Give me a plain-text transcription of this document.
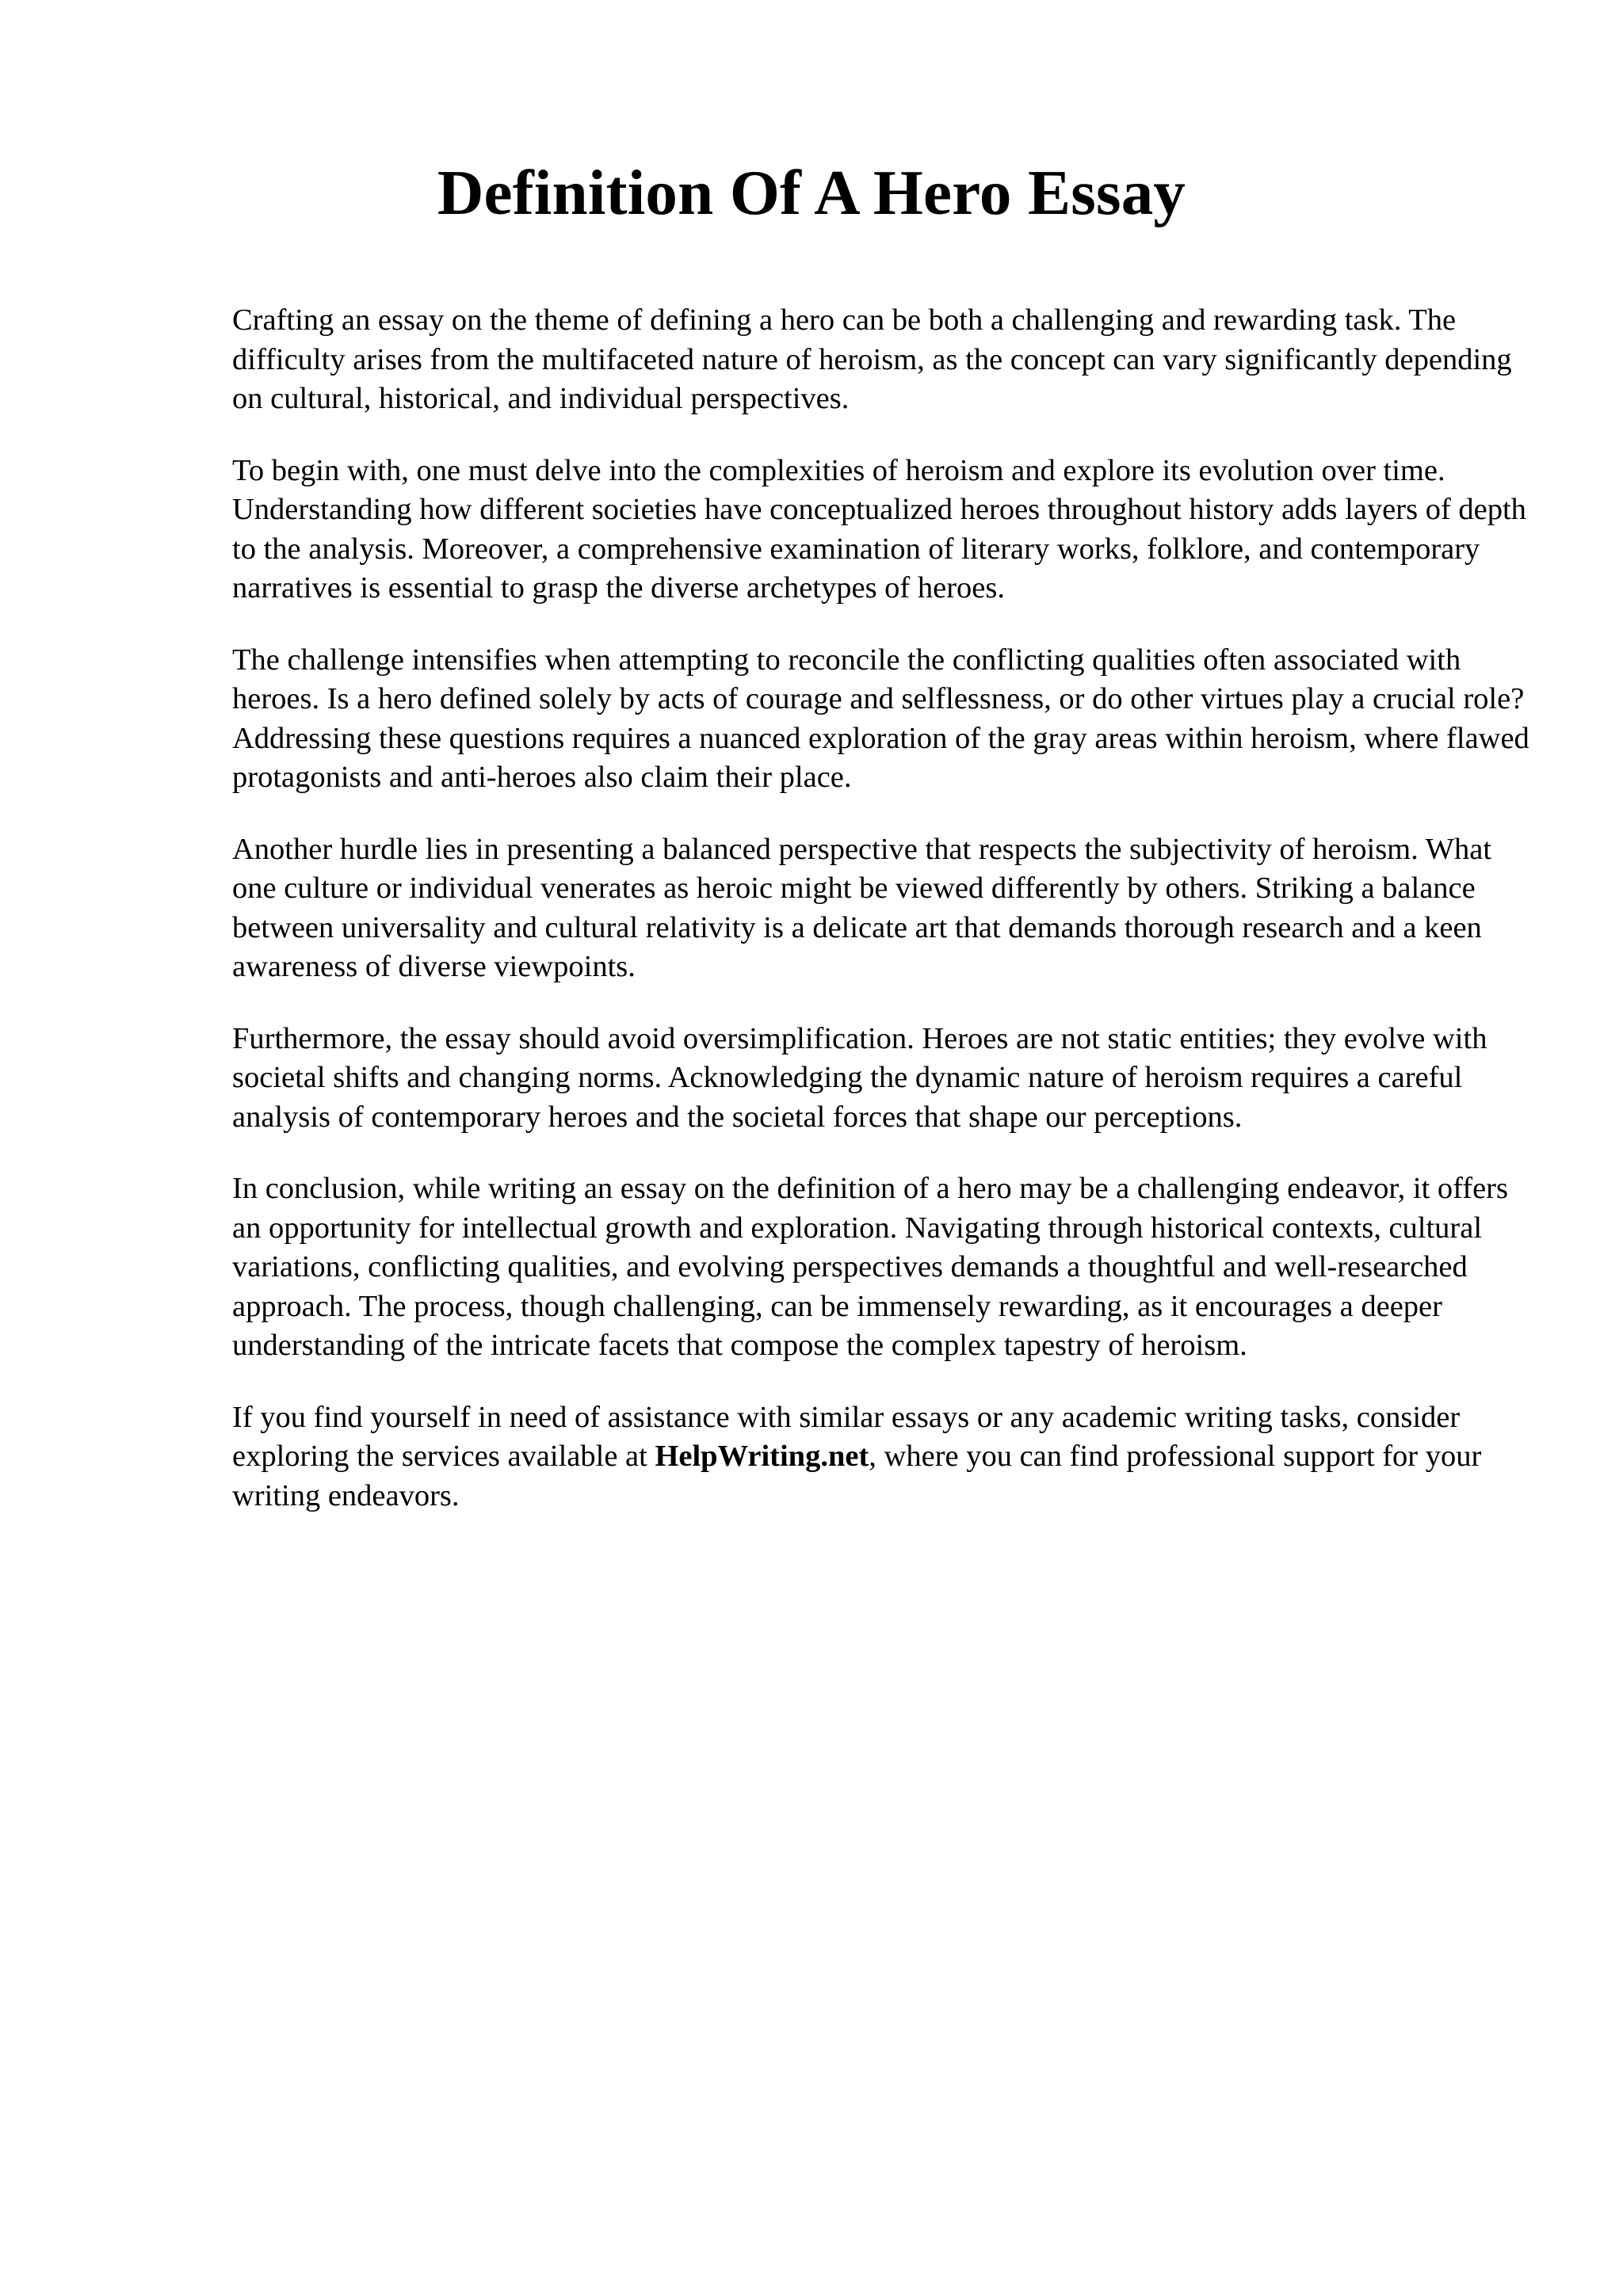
Definition Of A Hero Essay

Crafting an essay on the theme of defining a hero can be both a challenging and rewarding task. The difficulty arises from the multifaceted nature of heroism, as the concept can vary significantly depending on cultural, historical, and individual perspectives.

To begin with, one must delve into the complexities of heroism and explore its evolution over time. Understanding how different societies have conceptualized heroes throughout history adds layers of depth to the analysis. Moreover, a comprehensive examination of literary works, folklore, and contemporary narratives is essential to grasp the diverse archetypes of heroes.

The challenge intensifies when attempting to reconcile the conflicting qualities often associated with heroes. Is a hero defined solely by acts of courage and selflessness, or do other virtues play a crucial role? Addressing these questions requires a nuanced exploration of the gray areas within heroism, where flawed protagonists and anti-heroes also claim their place.

Another hurdle lies in presenting a balanced perspective that respects the subjectivity of heroism. What one culture or individual venerates as heroic might be viewed differently by others. Striking a balance between universality and cultural relativity is a delicate art that demands thorough research and a keen awareness of diverse viewpoints.

Furthermore, the essay should avoid oversimplification. Heroes are not static entities; they evolve with societal shifts and changing norms. Acknowledging the dynamic nature of heroism requires a careful analysis of contemporary heroes and the societal forces that shape our perceptions.

In conclusion, while writing an essay on the definition of a hero may be a challenging endeavor, it offers an opportunity for intellectual growth and exploration. Navigating through historical contexts, cultural variations, conflicting qualities, and evolving perspectives demands a thoughtful and well-researched approach. The process, though challenging, can be immensely rewarding, as it encourages a deeper understanding of the intricate facets that compose the complex tapestry of heroism.

If you find yourself in need of assistance with similar essays or any academic writing tasks, consider exploring the services available at HelpWriting.net, where you can find professional support for your writing endeavors.
